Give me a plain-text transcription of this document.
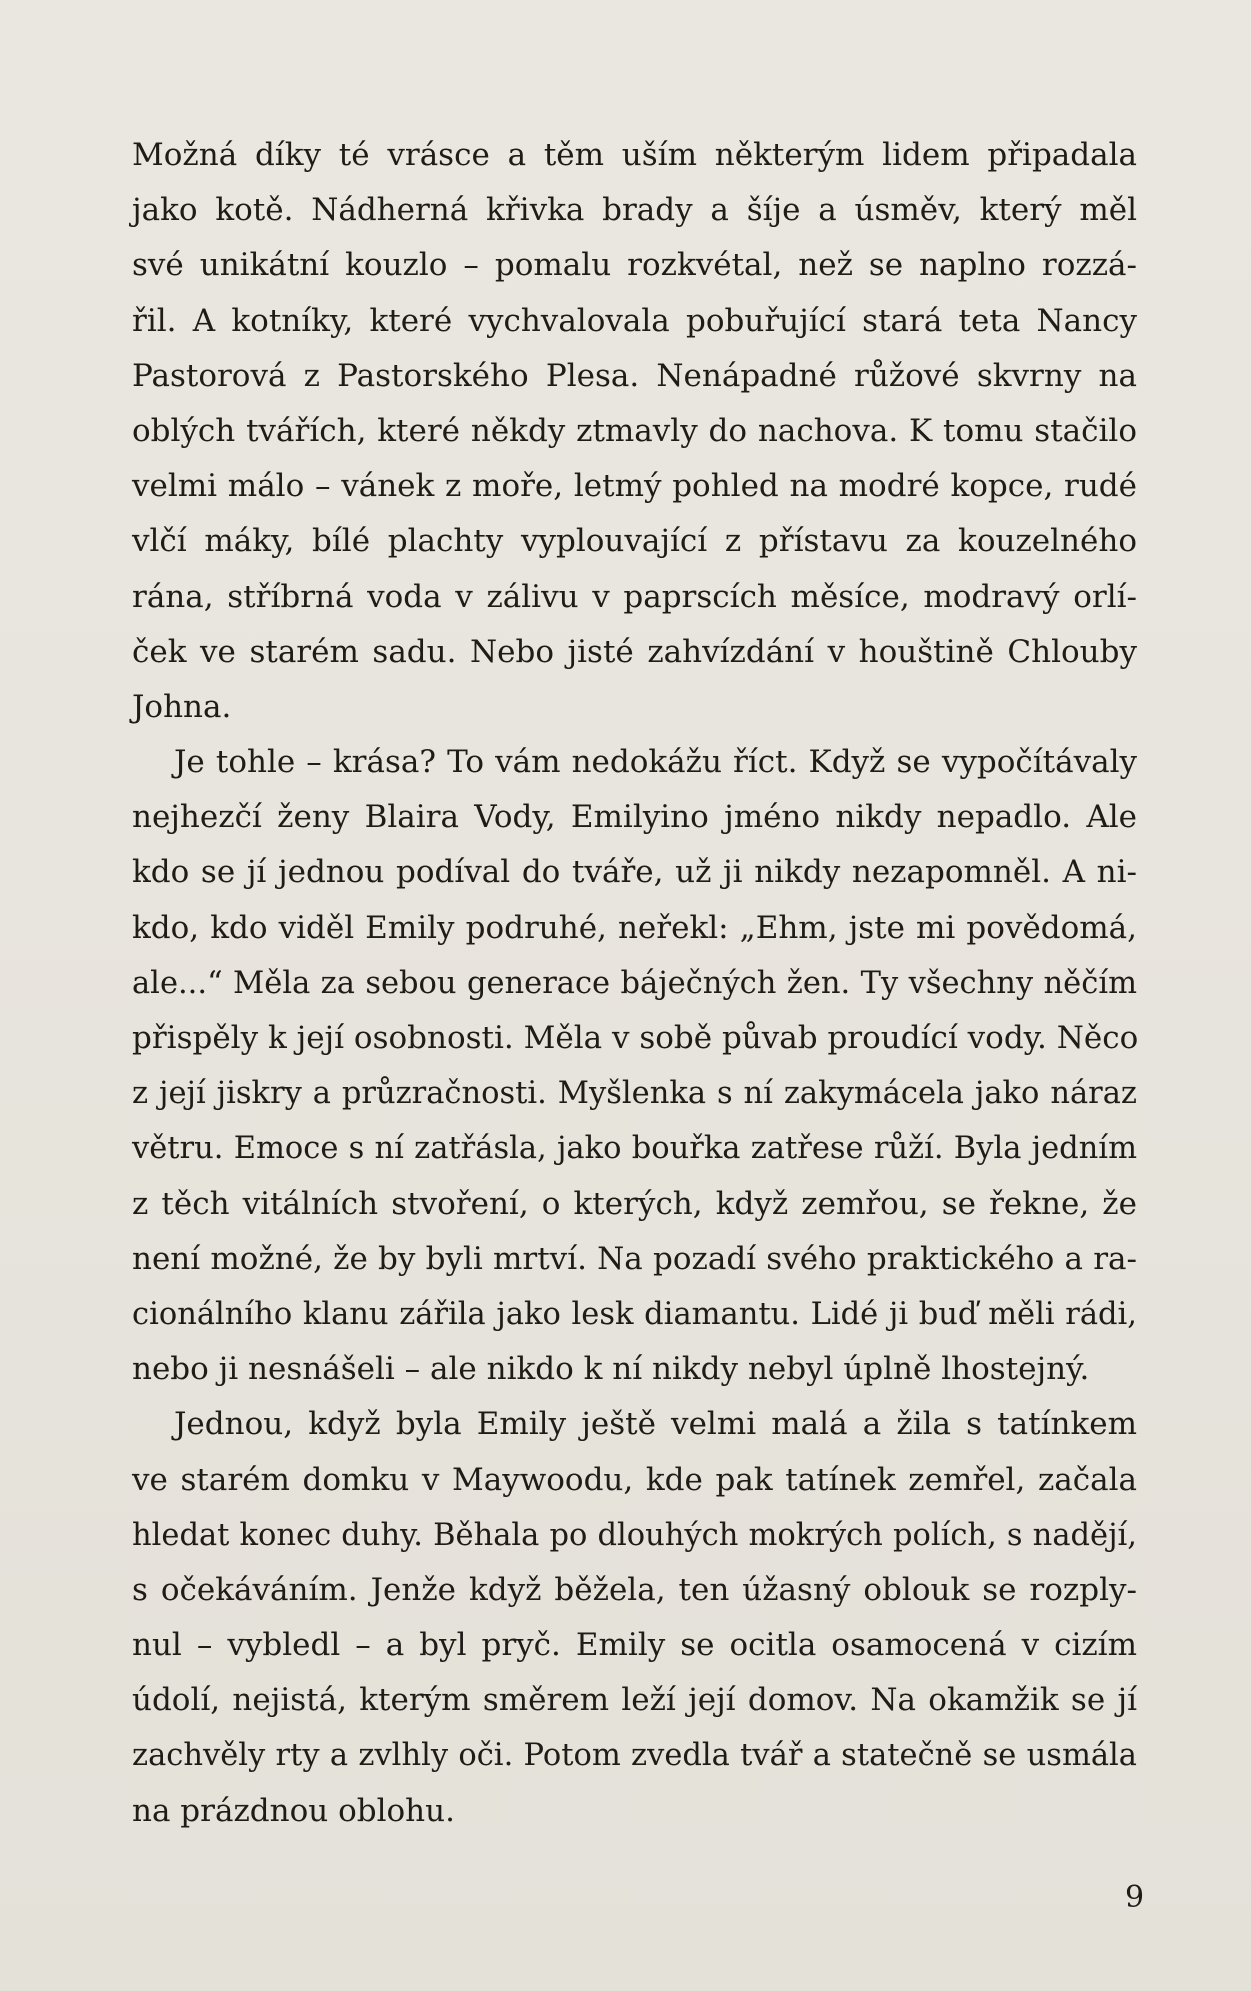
Možná díky té vrásce a těm uším některým lidem připadala
jako kotě. Nádherná křivka brady a šíje a úsměv, který měl
své unikátní kouzlo – pomalu rozkvétal, než se naplno rozzá-
řil. A kotníky, které vychvalovala pobuřující stará teta Nancy
Pastorová z Pastorského Plesa. Nenápadné růžové skvrny na
oblých tvářích, které někdy ztmavly do nachova. K tomu stačilo
velmi málo – vánek z moře, letmý pohled na modré kopce, rudé
vlčí máky, bílé plachty vyplouvající z přístavu za kouzelného
rána, stříbrná voda v zálivu v paprscích měsíce, modravý orlí-
ček ve starém sadu. Nebo jisté zahvízdání v houštině Chlouby
Johna.
Je tohle – krása? To vám nedokážu říct. Když se vypočítávaly
nejhezčí ženy Blaira Vody, Emilyino jméno nikdy nepadlo. Ale
kdo se jí jednou podíval do tváře, už ji nikdy nezapomněl. A ni-
kdo, kdo viděl Emily podruhé, neřekl: „Ehm, jste mi povědomá,
ale...“ Měla za sebou generace báječných žen. Ty všechny něčím
přispěly k její osobnosti. Měla v sobě půvab proudící vody. Něco
z její jiskry a průzračnosti. Myšlenka s ní zakymácela jako náraz
větru. Emoce s ní zatřásla, jako bouřka zatřese růží. Byla jedním
z těch vitálních stvoření, o kterých, když zemřou, se řekne, že
není možné, že by byli mrtví. Na pozadí svého praktického a ra-
cionálního klanu zářila jako lesk diamantu. Lidé ji buď měli rádi,
nebo ji nesnášeli – ale nikdo k ní nikdy nebyl úplně lhostejný.
Jednou, když byla Emily ještě velmi malá a žila s tatínkem
ve starém domku v Maywoodu, kde pak tatínek zemřel, začala
hledat konec duhy. Běhala po dlouhých mokrých polích, s nadějí,
s očekáváním. Jenže když běžela, ten úžasný oblouk se rozply-
nul – vybledl – a byl pryč. Emily se ocitla osamocená v cizím
údolí, nejistá, kterým směrem leží její domov. Na okamžik se jí
zachvěly rty a zvlhly oči. Potom zvedla tvář a statečně se usmála
na prázdnou oblohu.
9
